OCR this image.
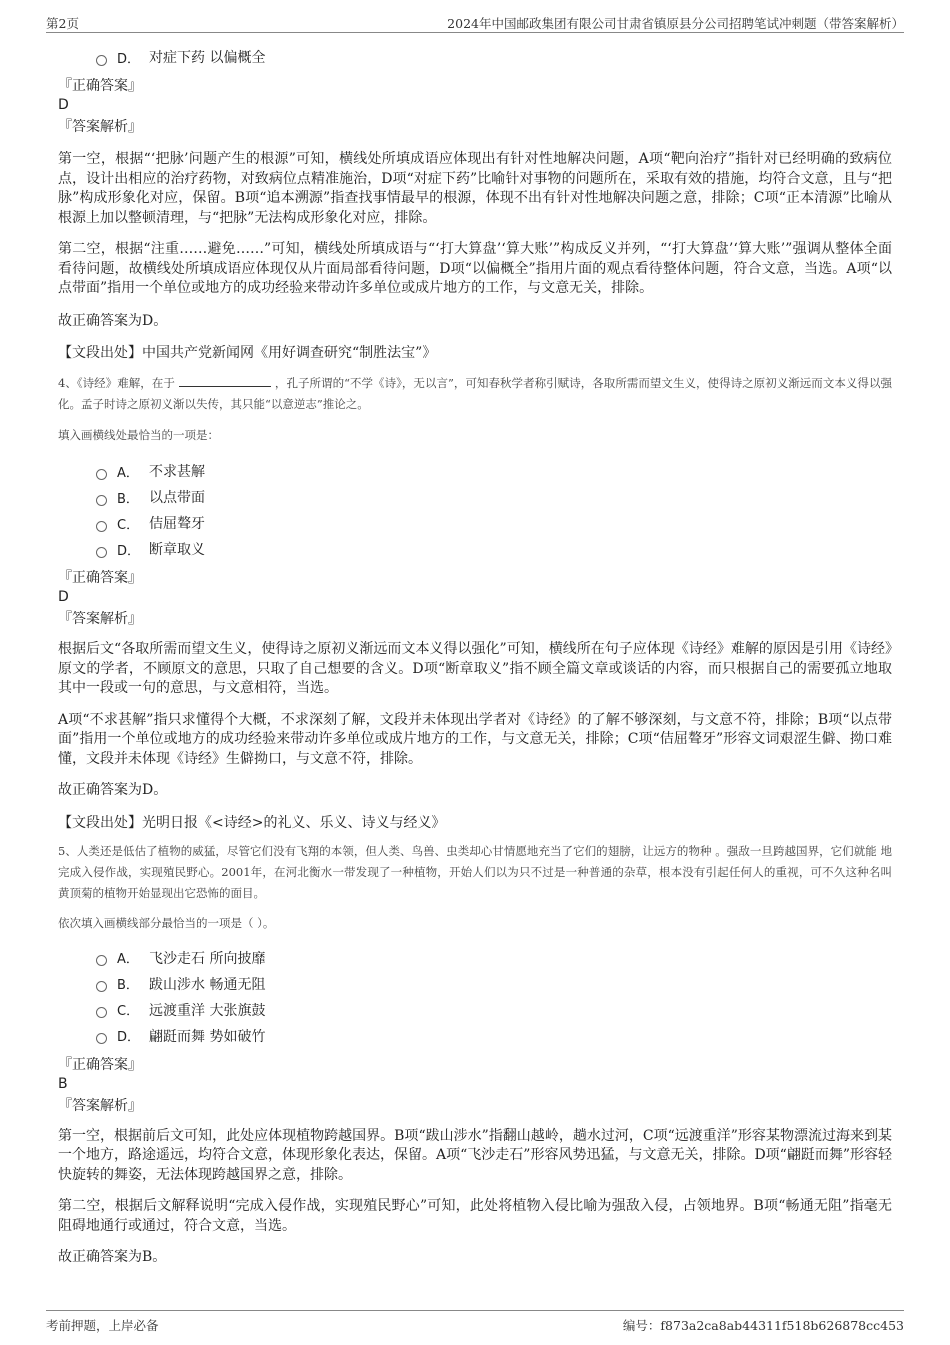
第2页	2024年中国邮政集团有限公司甘肃省镇原县分公司招聘笔试冲刺题（带答案解析）
D． 对症下药 以偏概全
『正确答案』
D
『答案解析』

第一空，根据“‘把脉’问题产生的根源”可知，横线处所填成语应体现出有针对性地解决问题，A项“靶向治疗”指针对已经明确的致病位点，设计出相应的治疗药物，对致病位点精准施治，D项“对症下药”比喻针对事物的问题所在，采取有效的措施，均符合文意，且与“把脉”构成形象化对应，保留。B项“追本溯源”指查找事情最早的根源，体现不出有针对性地解决问题之意，排除；C项“正本清源”比喻从根源上加以整顿清理，与“把脉”无法构成形象化对应，排除。

第二空，根据“注重……避免……”可知，横线处所填成语与“‘打大算盘’‘算大账’”构成反义并列，“‘打大算盘’‘算大账’”强调从整体全面看待问题，故横线处所填成语应体现仅从片面局部看待问题，D项“以偏概全”指用片面的观点看待整体问题，符合文意，当选。A项“以点带面”指用一个单位或地方的成功经验来带动许多单位或成片地方的工作，与文意无关，排除。

故正确答案为D。

【文段出处】中国共产党新闻网《用好调查研究“制胜法宝”》

4、《诗经》难解，在于	，孔子所谓的“不学《诗》，无以言”，可知春秋学者称引赋诗，各取所需而望文生义，使得诗之原初义渐远而文本义得以强化。孟子时诗之原初义渐以失传，其只能“以意逆志”推论之。

填入画横线处最恰当的一项是：

A． 不求甚解
B． 以点带面
C． 佶屈聱牙
D． 断章取义
『正确答案』
D
『答案解析』

根据后文“各取所需而望文生义，使得诗之原初义渐远而文本义得以强化”可知，横线所在句子应体现《诗经》难解的原因是引用《诗经》原文的学者，不顾原文的意思，只取了自己想要的含义。D项“断章取义”指不顾全篇文章或谈话的内容，而只根据自己的需要孤立地取其中一段或一句的意思，与文意相符，当选。

A项“不求甚解”指只求懂得个大概，不求深刻了解，文段并未体现出学者对《诗经》的了解不够深刻，与文意不符，排除；B项“以点带面”指用一个单位或地方的成功经验来带动许多单位或成片地方的工作，与文意无关，排除；C项“佶屈聱牙”形容文词艰涩生僻、拗口难懂，文段并未体现《诗经》生僻拗口，与文意不符，排除。

故正确答案为D。

【文段出处】光明日报《<诗经>的礼义、乐义、诗义与经义》

5、人类还是低估了植物的威猛，尽管它们没有飞翔的本领，但人类、鸟兽、虫类却心甘情愿地充当了它们的翅膀，让远方的物种 。强敌一旦跨越国界，它们就能 地完成入侵作战，实现殖民野心。2001年，在河北衡水一带发现了一种植物，开始人们以为只不过是一种普通的杂草，根本没有引起任何人的重视，可不久这种名叫黄顶菊的植物开始显现出它恐怖的面目。

依次填入画横线部分最恰当的一项是（ ）。

A． 飞沙走石 所向披靡
B． 跋山涉水 畅通无阻
C． 远渡重洋 大张旗鼓
D． 翩跹而舞 势如破竹
『正确答案』
B
『答案解析』

第一空，根据前后文可知，此处应体现植物跨越国界。B项“跋山涉水”指翻山越岭，趟水过河，C项“远渡重洋”形容某物漂流过海来到某一个地方，路途遥远，均符合文意，体现形象化表达，保留。A项“飞沙走石”形容风势迅猛，与文意无关，排除。D项“翩跹而舞”形容轻快旋转的舞姿，无法体现跨越国界之意，排除。

第二空，根据后文解释说明“完成入侵作战，实现殖民野心”可知，此处将植物入侵比喻为强敌入侵，占领地界。B项“畅通无阻”指毫无阻碍地通行或通过，符合文意，当选。

故正确答案为B。

考前押题，上岸必备	编号：f873a2ca8ab44311f518b626878cc453
